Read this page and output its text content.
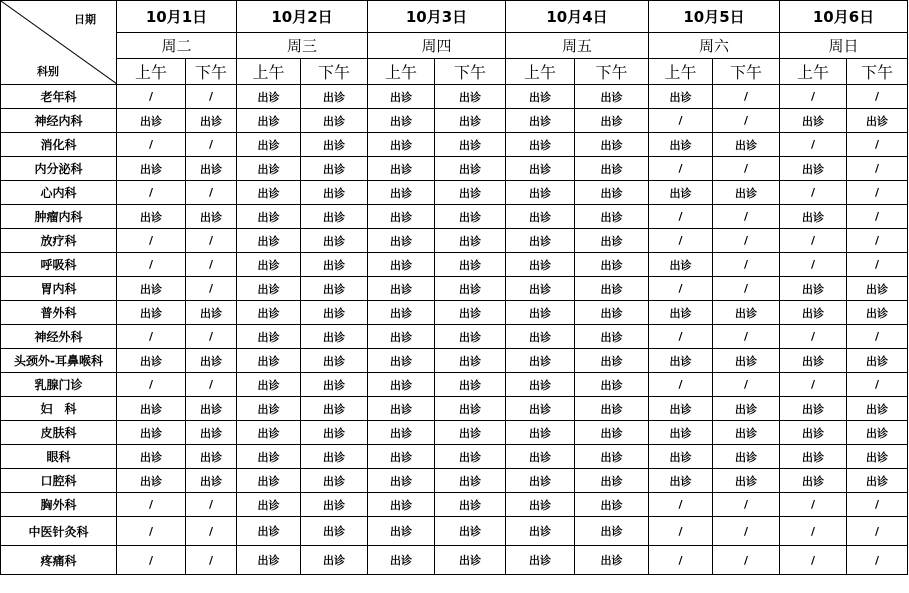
日期
科别	10月1日		10月2日		10月3日		10月4日		10月5日		10月6日	
	周二		周三		周四		周五		周六		周日	
	上午	下午	上午	下午	上午	下午	上午	下午	上午	下午	上午	下午
老年科	/	/	出诊	出诊	出诊	出诊	出诊	出诊	出诊	/	/	/
神经内科	出诊	出诊	出诊	出诊	出诊	出诊	出诊	出诊	/	/	出诊	出诊
消化科	/	/	出诊	出诊	出诊	出诊	出诊	出诊	出诊	出诊	/	/
内分泌科	出诊	出诊	出诊	出诊	出诊	出诊	出诊	出诊	/	/	出诊	/
心内科	/	/	出诊	出诊	出诊	出诊	出诊	出诊	出诊	出诊	/	/
肿瘤内科	出诊	出诊	出诊	出诊	出诊	出诊	出诊	出诊	/	/	出诊	/
放疗科	/	/	出诊	出诊	出诊	出诊	出诊	出诊	/	/	/	/
呼吸科	/	/	出诊	出诊	出诊	出诊	出诊	出诊	出诊	/	/	/
胃内科	出诊	/	出诊	出诊	出诊	出诊	出诊	出诊	/	/	出诊	出诊
普外科	出诊	出诊	出诊	出诊	出诊	出诊	出诊	出诊	出诊	出诊	出诊	出诊
神经外科	/	/	出诊	出诊	出诊	出诊	出诊	出诊	/	/	/	/
头颈外-耳鼻喉科	出诊	出诊	出诊	出诊	出诊	出诊	出诊	出诊	出诊	出诊	出诊	出诊
乳腺门诊	/	/	出诊	出诊	出诊	出诊	出诊	出诊	/	/	/	/
妇　科	出诊	出诊	出诊	出诊	出诊	出诊	出诊	出诊	出诊	出诊	出诊	出诊
皮肤科	出诊	出诊	出诊	出诊	出诊	出诊	出诊	出诊	出诊	出诊	出诊	出诊
眼科	出诊	出诊	出诊	出诊	出诊	出诊	出诊	出诊	出诊	出诊	出诊	出诊
口腔科	出诊	出诊	出诊	出诊	出诊	出诊	出诊	出诊	出诊	出诊	出诊	出诊
胸外科	/	/	出诊	出诊	出诊	出诊	出诊	出诊	/	/	/	/
中医针灸科	/	/	出诊	出诊	出诊	出诊	出诊	出诊	/	/	/	/
疼痛科	/	/	出诊	出诊	出诊	出诊	出诊	出诊	/	/	/	/
